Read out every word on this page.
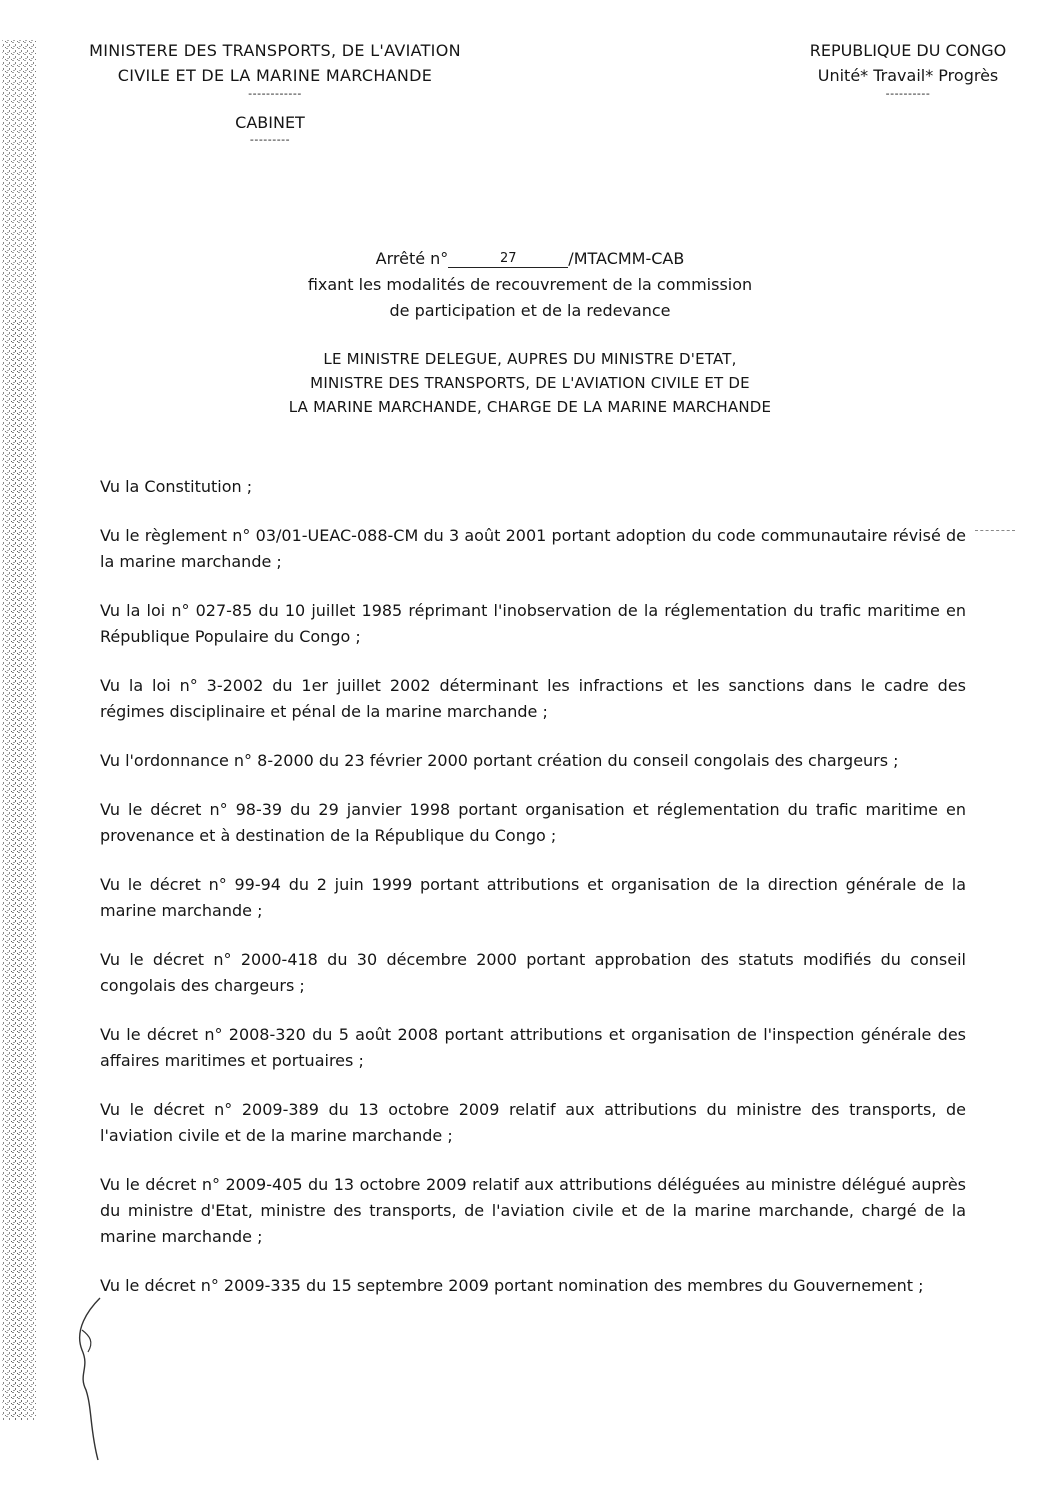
MINISTERE DES TRANSPORTS, DE L'AVIATION
CIVILE ET DE LA MARINE MARCHANDE
------------
CABINET
---------
REPUBLIQUE DU CONGO
Unité* Travail* Progrès
----------
Arrêté n°	27	/MTACMM-CAB
fixant les modalités de recouvrement de la commission
de participation et de la redevance
LE MINISTRE DELEGUE, AUPRES DU MINISTRE D'ETAT,
MINISTRE DES TRANSPORTS, DE L'AVIATION CIVILE ET DE
LA MARINE MARCHANDE, CHARGE DE LA MARINE MARCHANDE

Vu la Constitution ;

Vu le règlement n° 03/01-UEAC-088-CM du 3 août 2001 portant adoption du code communautaire révisé de la marine marchande ;

Vu la loi n° 027-85 du 10 juillet 1985 réprimant l'inobservation de la réglementation du trafic maritime en République Populaire du Congo ;

Vu la loi n° 3-2002 du 1er juillet 2002 déterminant les infractions et les sanctions dans le cadre des régimes disciplinaire et pénal de la marine marchande ;

Vu l'ordonnance n° 8-2000 du 23 février 2000 portant création du conseil congolais des chargeurs ;

Vu le décret n° 98-39 du 29 janvier 1998 portant organisation et réglementation du trafic maritime en provenance et à destination de la République du Congo ;

Vu le décret n° 99-94 du 2 juin 1999 portant attributions et organisation de la direction générale de la marine marchande ;

Vu le décret n° 2000-418 du 30 décembre 2000 portant approbation des statuts modifiés du conseil congolais des chargeurs ;

Vu le décret n° 2008-320 du 5 août 2008 portant attributions et organisation de l'inspection générale des affaires maritimes et portuaires ;

Vu le décret n° 2009-389 du 13 octobre 2009 relatif aux attributions du ministre des transports, de l'aviation civile et de la marine marchande ;

Vu le décret n° 2009-405 du 13 octobre 2009 relatif aux attributions déléguées au ministre délégué auprès du ministre d'Etat, ministre des transports, de l'aviation civile et de la marine marchande, chargé de la marine marchande ;

Vu le décret n° 2009-335 du 15 septembre 2009 portant nomination des membres du Gouvernement ;
